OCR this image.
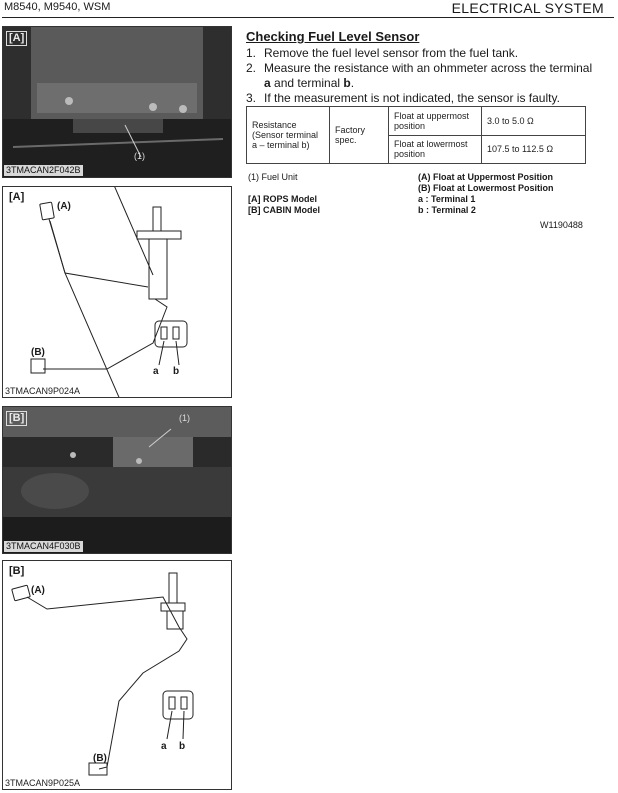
M8540, M9540, WSM	ELECTRICAL SYSTEM
[A]
(1)
3TMACAN2F042B
[A]
(A)
(B)
a b
3TMACAN9P024A
[B]	(1)
3TMACAN4F030B
[B]
(A)
(B)
a b
3TMACAN9P025A
Checking Fuel Level Sensor
1. Remove the fuel level sensor from the fuel tank.
2. Measure the resistance with an ohmmeter across the terminal a and terminal b.
3. If the measurement is not indicated, the sensor is faulty.
Resistance (Sensor terminal a – terminal b)	Factory spec.	Float at uppermost position	3.0 to 5.0 Ω
		Float at lowermost position	107.5 to 112.5 Ω
(1) Fuel Unit
[A] ROPS Model
[B] CABIN Model
(A) Float at Uppermost Position
(B) Float at Lowermost Position
a : Terminal 1
b : Terminal 2
W1190488
